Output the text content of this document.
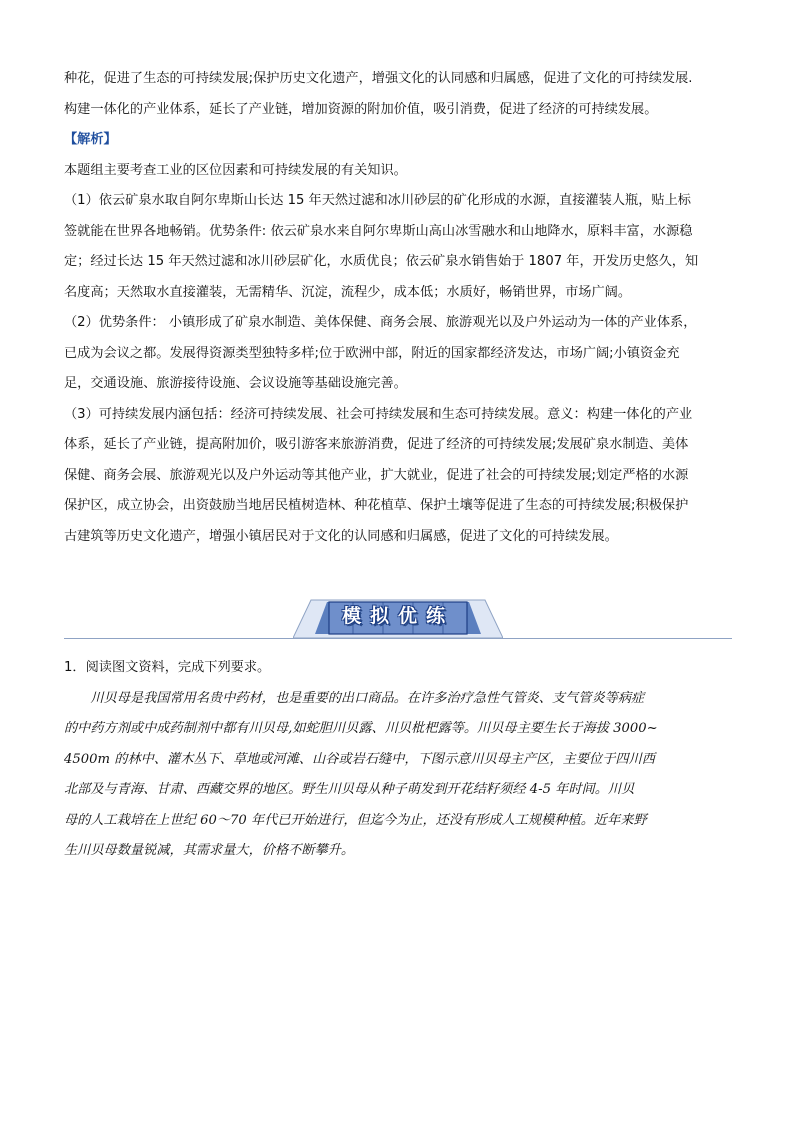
种花，促进了生态的可持续发展;保护历史文化遗产，增强文化的认同感和归属感，促进了文化的可持续发展.

构建一体化的产业体系，延长了产业链，增加资源的附加价值，吸引消费，促进了经济的可持续发展。

【解析】

本题组主要考查工业的区位因素和可持续发展的有关知识。

（1）依云矿泉水取自阿尔卑斯山长达 15 年天然过滤和冰川砂层的矿化形成的水源，直接灌装人瓶，贴上标

签就能在世界各地畅销。优势条件: 依云矿泉水来自阿尔卑斯山高山冰雪融水和山地降水，原料丰富，水源稳

定；经过长达 15 年天然过滤和冰川砂层矿化，水质优良；依云矿泉水销售始于 1807 年，开发历史悠久，知

名度高；天然取水直接灌装，无需精华、沉淀，流程少，成本低；水质好，畅销世界，市场广阔。

（2）优势条件： 小镇形成了矿泉水制造、美体保健、商务会展、旅游观光以及户外运动为一体的产业体系，

已成为会议之都。发展得资源类型独特多样;位于欧洲中部，附近的国家都经济发达，市场广阔;小镇资金充

足，交通设施、旅游接待设施、会议设施等基础设施完善。

（3）可持续发展内涵包括：经济可持续发展、社会可持续发展和生态可持续发展。意义：构建一体化的产业

体系，延长了产业链，提高附加价，吸引游客来旅游消费，促进了经济的可持续发展;发展矿泉水制造、美体

保健、商务会展、旅游观光以及户外运动等其他产业，扩大就业，促进了社会的可持续发展;划定严格的水源

保护区，成立协会，出资鼓励当地居民植树造林、种花植草、保护土壤等促进了生态的可持续发展;积极保护

古建筑等历史文化遗产，增强小镇居民对于文化的认同感和归属感，促进了文化的可持续发展。

模拟优练

1．阅读图文资料，完成下列要求。

　　川贝母是我国常用名贵中药材，也是重要的出口商品。在许多治疗急性气管炎、支气管炎等病症

的中药方剂或中成药制剂中都有川贝母,如蛇胆川贝露、川贝枇杷露等。川贝母主要生长于海拔 3000~

4500m 的林中、灌木丛下、草地或河滩、山谷或岩石缝中，下图示意川贝母主产区，主要位于四川西

北部及与青海、甘肃、西藏交界的地区。野生川贝母从种子萌发到开花结籽须经 4-5 年时间。川贝

母的人工栽培在上世纪 60～70 年代已开始进行，但迄今为止，还没有形成人工规模种植。近年来野

生川贝母数量锐减，其需求量大，价格不断攀升。
